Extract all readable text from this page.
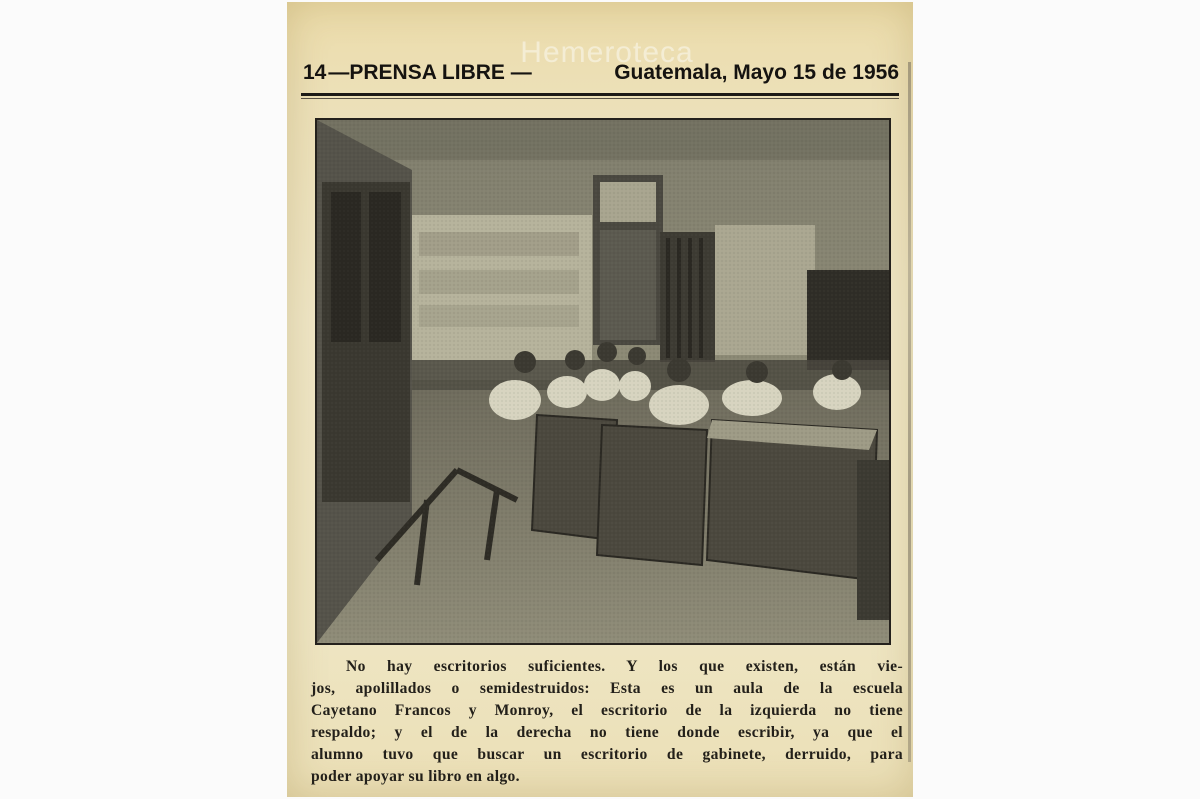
Hemeroteca
14 —PRENSA LIBRE —	Guatemala, Mayo 15 de 1956
No hay escritorios suficientes. Y los que existen, están vie-
jos, apolillados o semidestruidos: Esta es un aula de la escuela
Cayetano Francos y Monroy, el escritorio de la izquierda no tiene
respaldo; y el de la derecha no tiene donde escribir, ya que el
alumno tuvo que buscar un escritorio de gabinete, derruido, para
poder apoyar su libro en algo.
